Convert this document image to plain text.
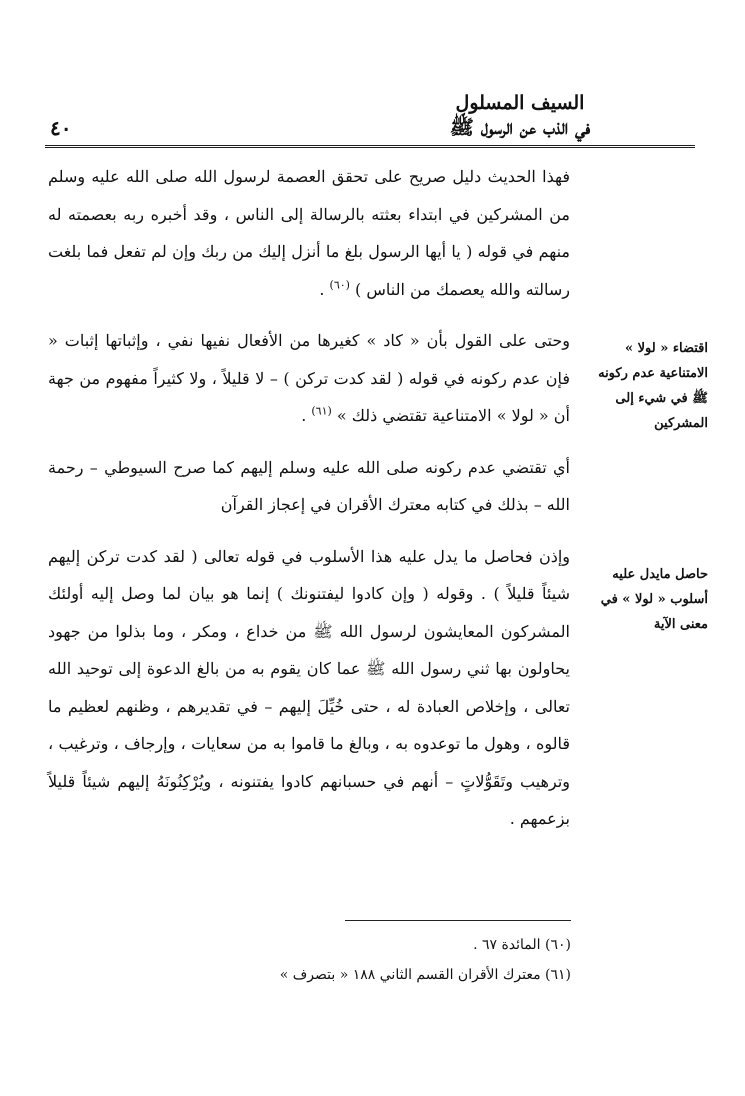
السيف المسلول
في الذب عن الرسول ﷺ
٤٠

فهذا الحديث دليل صريح على تحقق العصمة لرسول الله صلى الله عليه وسلم من المشركين في ابتداء بعثته بالرسالة إلى الناس ، وقد أخبره ربه بعصمته له منهم في قوله ( يا أيها الرسول بلغ ما أنزل إليك من ربك وإن لم تفعل فما بلغت رسالته والله يعصمك من الناس ) $^{(٦٠)}$ .

وحتى على القول بأن « كاد » كغيرها من الأفعال نفيها نفي ، وإثباتها إثبات « فإن عدم ركونه في قوله ( لقد كدت تركن ) – لا قليلاً ، ولا كثيراً مفهوم من جهة أن « لولا » الامتناعية تقتضي ذلك » $^{(٦١)}$ .

أي تقتضي عدم ركونه صلى الله عليه وسلم إليهم كما صرح السيوطي – رحمة الله – بذلك في كتابه معترك الأقران في إعجاز القرآن

وإذن فحاصل ما يدل عليه هذا الأسلوب في قوله تعالى ( لقد كدت تركن إليهم شيئاً قليلاً ) . وقوله ( وإن كادوا ليفتنونك ) إنما هو بيان لما وصل إليه أولئك المشركون المعايشون لرسول الله ﷺ من خداع ، ومكر ، وما بذلوا من جهود يحاولون بها ثني رسول الله ﷺ عما كان يقوم به من بالغ الدعوة إلى توحيد الله تعالى ، وإخلاص العبادة له ، حتى خُيِّلَ إليهم – في تقديرهم ، وظنهم لعظيم ما قالوه ، وهول ما توعدوه به ، وبالغ ما قاموا به من سعايات ، وإرجاف ، وترغيب ، وترهيب وتَقَوُّلاتٍ – أنهم في حسبانهم كادوا يفتنونه ، ويُرْكِنُونَهُ إليهم شيئاً قليلاً بزعمهم .

اقتضاء « لولا » الامتناعية عدم ركونه ﷺ في شيء إلى المشركين
حاصل مايدل عليه أسلوب « لولا » في معنى الآية
(٦٠) المائدة ٦٧ .
(٦١) معترك الأقران القسم الثاني ١٨٨ « بتصرف »
